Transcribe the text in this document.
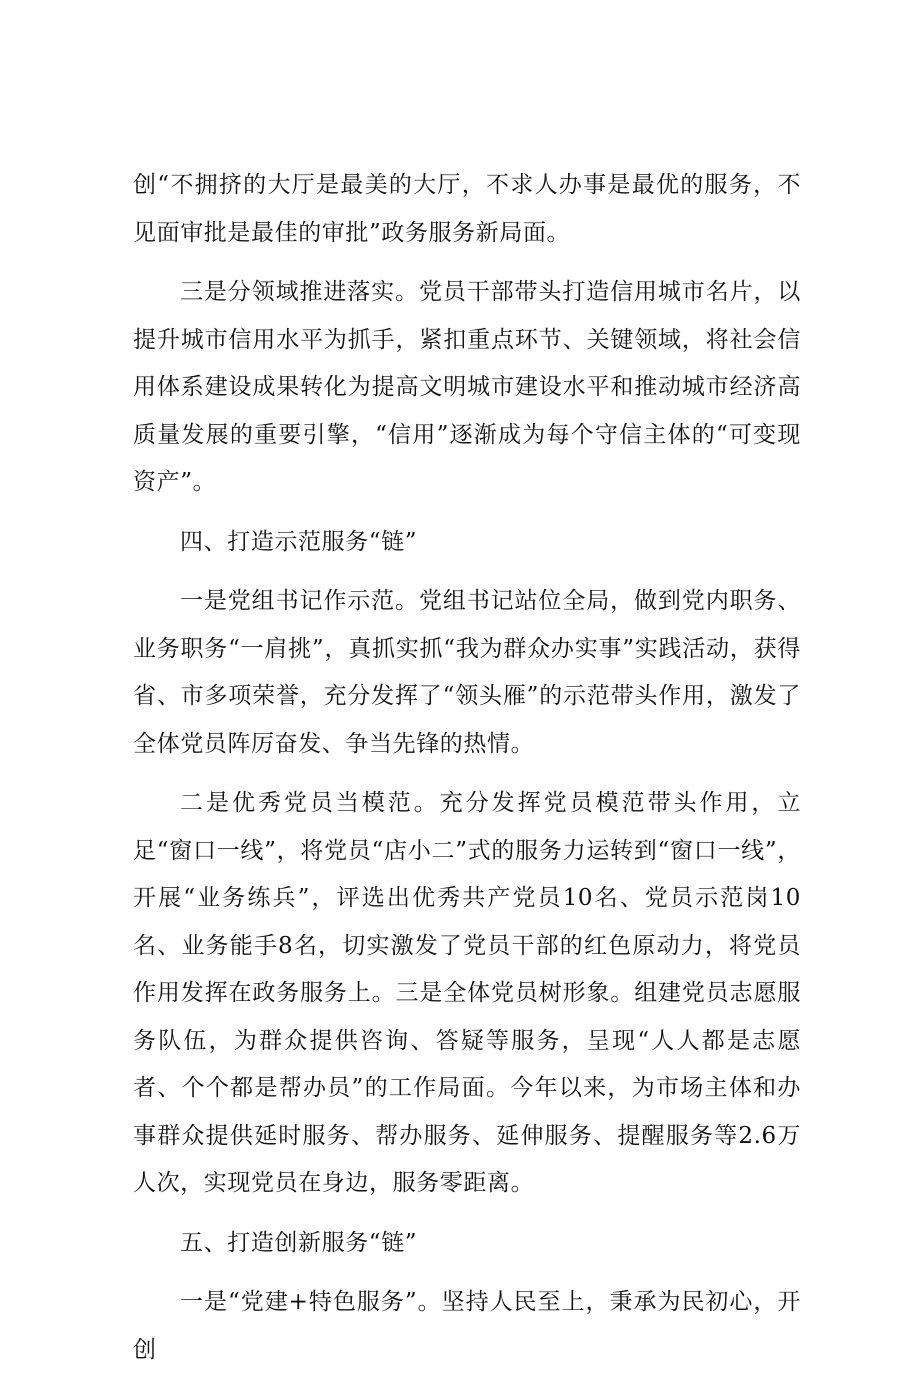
创“不拥挤的大厅是最美的大厅，不求人办事是最优的服务，不见面审批是最佳的审批”政务服务新局面。

三是分领域推进落实。党员干部带头打造信用城市名片，以提升城市信用水平为抓手，紧扣重点环节、关键领域，将社会信用体系建设成果转化为提高文明城市建设水平和推动城市经济高质量发展的重要引擎，“信用”逐渐成为每个守信主体的“可变现资产”。

四、打造示范服务“链”

一是党组书记作示范。党组书记站位全局，做到党内职务、业务职务“一肩挑”，真抓实抓“我为群众办实事”实践活动，获得省、市多项荣誉，充分发挥了“领头雁”的示范带头作用，激发了全体党员阵厉奋发、争当先锋的热情。

二是优秀党员当模范。充分发挥党员模范带头作用，立足“窗口一线”，将党员“店小二”式的服务力运转到“窗口一线”，开展“业务练兵”，评选出优秀共产党员10名、党员示范岗10名、业务能手8名，切实激发了党员干部的红色原动力，将党员作用发挥在政务服务上。三是全体党员树形象。组建党员志愿服务队伍，为群众提供咨询、答疑等服务，呈现“人人都是志愿者、个个都是帮办员”的工作局面。今年以来，为市场主体和办事群众提供延时服务、帮办服务、延伸服务、提醒服务等2.6万人次，实现党员在身边，服务零距离。

五、打造创新服务“链”

一是“党建+特色服务”。坚持人民至上，秉承为民初心，开创
